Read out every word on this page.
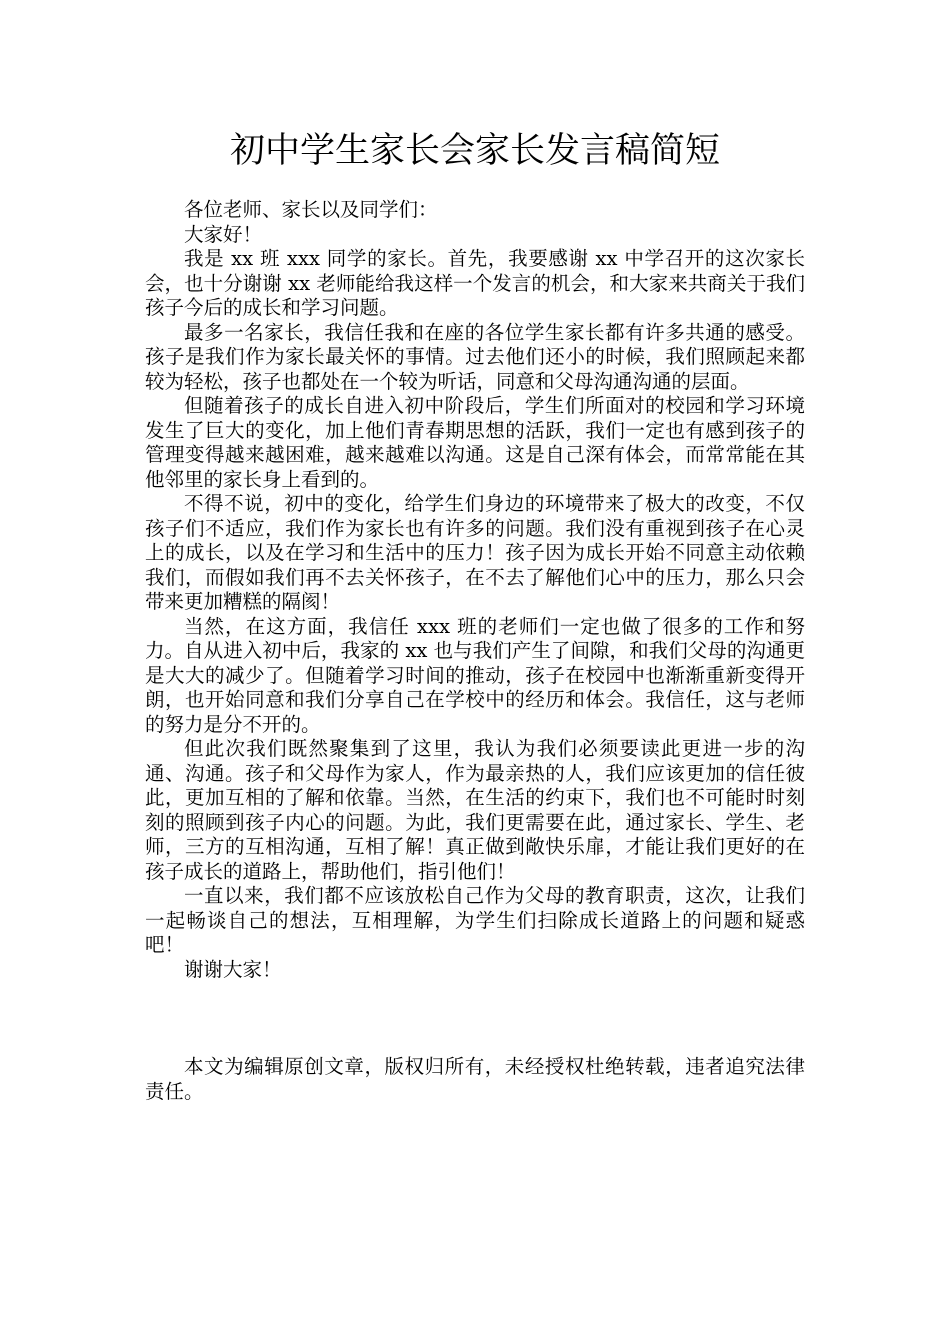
初中学生家长会家长发言稿简短

各位老师、家长以及同学们：

大家好！

我是 xx 班 xxx 同学的家长。首先，我要感谢 xx 中学召开的这次家长会，也十分谢谢 xx 老师能给我这样一个发言的机会，和大家来共商关于我们孩子今后的成长和学习问题。

最多一名家长，我信任我和在座的各位学生家长都有许多共通的感受。孩子是我们作为家长最关怀的事情。过去他们还小的时候，我们照顾起来都较为轻松，孩子也都处在一个较为听话，同意和父母沟通沟通的层面。

但随着孩子的成长自进入初中阶段后，学生们所面对的校园和学习环境发生了巨大的变化，加上他们青春期思想的活跃，我们一定也有感到孩子的管理变得越来越困难，越来越难以沟通。这是自己深有体会，而常常能在其他邻里的家长身上看到的。

不得不说，初中的变化，给学生们身边的环境带来了极大的改变，不仅孩子们不适应，我们作为家长也有许多的问题。我们没有重视到孩子在心灵上的成长，以及在学习和生活中的压力！孩子因为成长开始不同意主动依赖我们，而假如我们再不去关怀孩子，在不去了解他们心中的压力，那么只会带来更加糟糕的隔阂！

当然，在这方面，我信任 xxx 班的老师们一定也做了很多的工作和努力。自从进入初中后，我家的 xx 也与我们产生了间隙，和我们父母的沟通更是大大的减少了。但随着学习时间的推动，孩子在校园中也渐渐重新变得开朗，也开始同意和我们分享自己在学校中的经历和体会。我信任，这与老师的努力是分不开的。

但此次我们既然聚集到了这里，我认为我们必须要读此更进一步的沟通、沟通。孩子和父母作为家人，作为最亲热的人，我们应该更加的信任彼此，更加互相的了解和依靠。当然，在生活的约束下，我们也不可能时时刻刻的照顾到孩子内心的问题。为此，我们更需要在此，通过家长、学生、老师，三方的互相沟通，互相了解！真正做到敞快乐扉，才能让我们更好的在孩子成长的道路上，帮助他们，指引他们！

一直以来，我们都不应该放松自己作为父母的教育职责，这次，让我们一起畅谈自己的想法，互相理解，为学生们扫除成长道路上的问题和疑惑吧！

谢谢大家！

本文为编辑原创文章，版权归所有，未经授权杜绝转载，违者追究法律责任。
